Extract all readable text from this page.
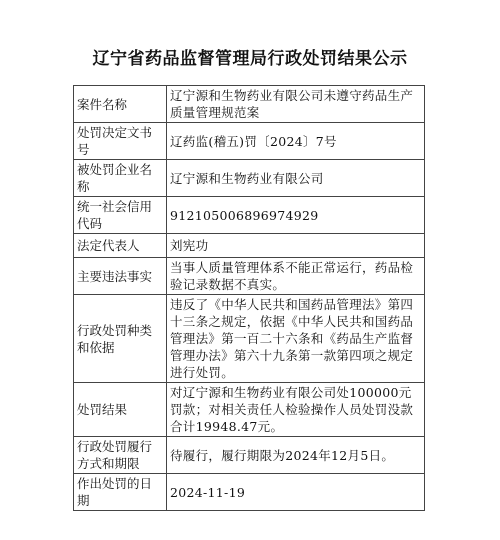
辽宁省药品监督管理局行政处罚结果公示
案件名称	辽宁源和生物药业有限公司未遵守药品生产质量管理规范案
处罚决定文书号	辽药监(稽五)罚〔2024〕7号
被处罚企业名称	辽宁源和生物药业有限公司
统一社会信用代码	912105006896974929
法定代表人	刘宪功
主要违法事实	当事人质量管理体系不能正常运行，药品检验记录数据不真实。
行政处罚种类和依据	违反了《中华人民共和国药品管理法》第四十三条之规定，依据《中华人民共和国药品管理法》第一百二十六条和《药品生产监督管理办法》第六十九条第一款第四项之规定进行处罚。
处罚结果	对辽宁源和生物药业有限公司处100000元罚款；对相关责任人检验操作人员处罚没款合计19948.47元。
行政处罚履行方式和期限	待履行，履行期限为2024年12月5日。
作出处罚的日期	2024-11-19
